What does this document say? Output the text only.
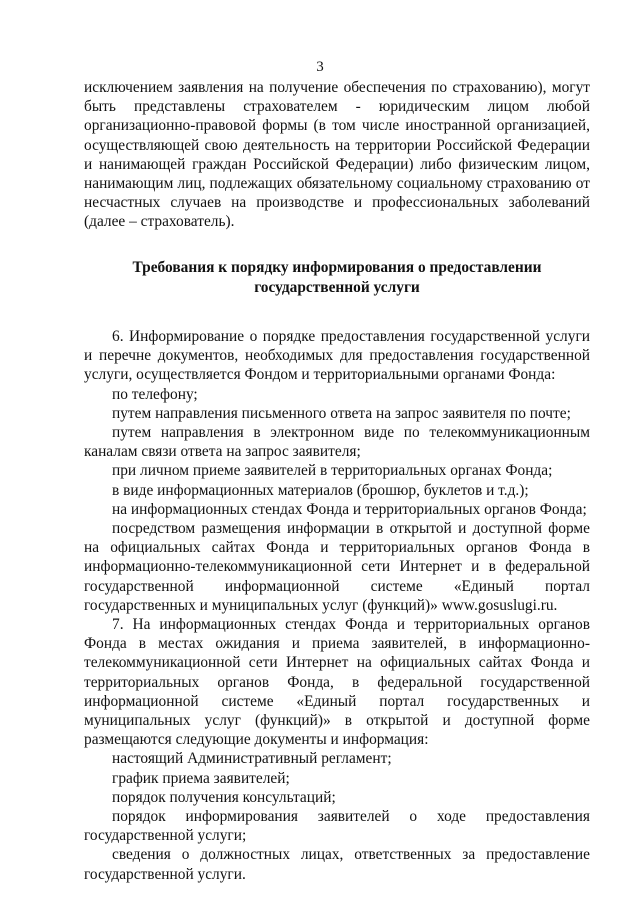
3

исключением заявления на получение обеспечения по страхованию), могут быть представлены страхователем - юридическим лицом любой организационно-правовой формы (в том числе иностранной организацией, осуществляющей свою деятельность на территории Российской Федерации и нанимающей граждан Российской Федерации) либо физическим лицом, нанимающим лиц, подлежащих обязательному социальному страхованию от несчастных случаев на производстве и профессиональных заболеваний (далее – страхователь).

Требования к порядку информирования о предоставлении
государственной услуги

6. Информирование о порядке предоставления государственной услуги и перечне документов, необходимых для предоставления государственной услуги, осуществляется Фондом и территориальными органами Фонда:

по телефону;

путем направления письменного ответа на запрос заявителя по почте;

путем направления в электронном виде по телекоммуникационным каналам связи ответа на запрос заявителя;

при личном приеме заявителей в территориальных органах Фонда;

в виде информационных материалов (брошюр, буклетов и т.д.);

на информационных стендах Фонда и территориальных органов Фонда;

посредством размещения информации в открытой и доступной форме на официальных сайтах Фонда и территориальных органов Фонда в информационно-телекоммуникационной сети Интернет и в федеральной государственной информационной системе «Единый портал государственных и муниципальных услуг (функций)» www.gosuslugi.ru.

7. На информационных стендах Фонда и территориальных органов Фонда в местах ожидания и приема заявителей, в информационно-телекоммуникационной сети Интернет на официальных сайтах Фонда и территориальных органов Фонда, в федеральной государственной информационной системе «Единый портал государственных и муниципальных услуг (функций)» в открытой и доступной форме размещаются следующие документы и информация:

настоящий Административный регламент;

график приема заявителей;

порядок получения консультаций;

порядок информирования заявителей о ходе предоставления государственной услуги;

сведения о должностных лицах, ответственных за предоставление государственной услуги.
